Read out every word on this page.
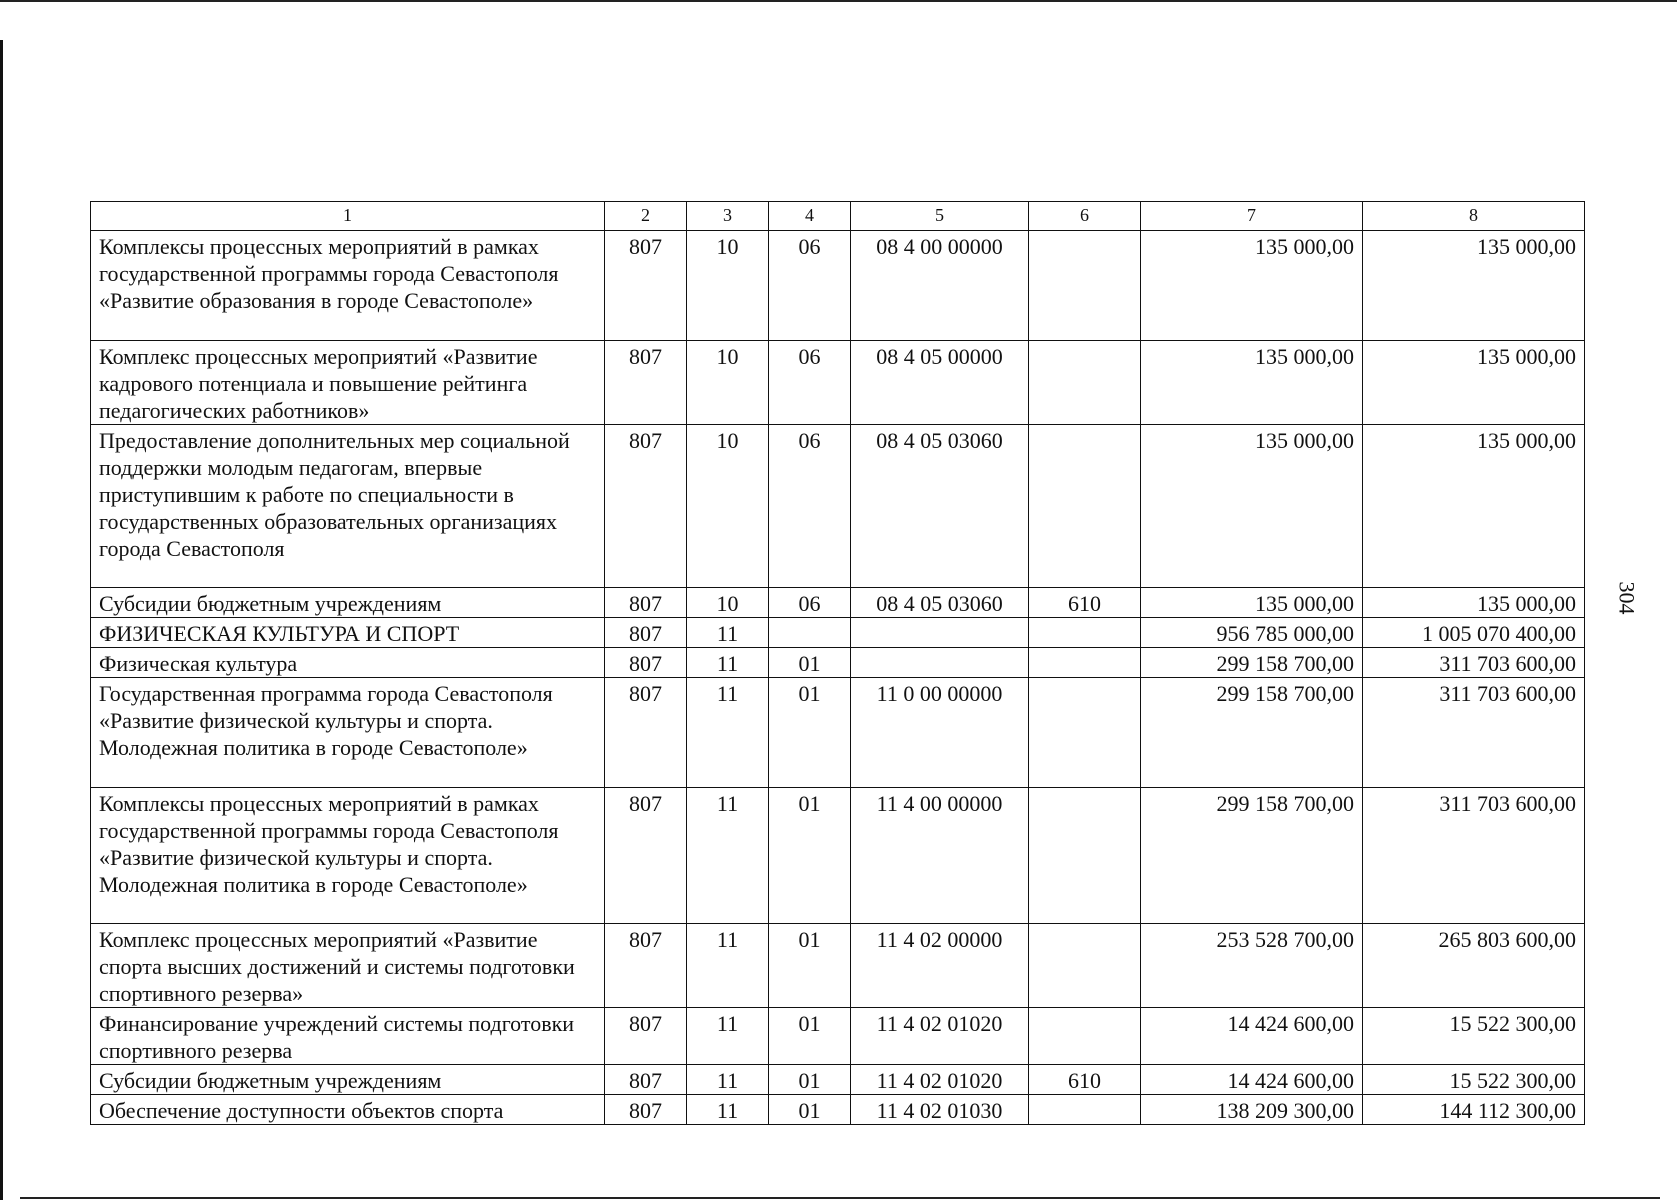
304
1	2	3	4	5	6	7	8
Комплексы процессных мероприятий в рамках государственной программы города Севастополя «Развитие образования в городе Севастополе»	807	10	06	08 4 00 00000		135 000,00	135 000,00
Комплекс процессных мероприятий «Развитие кадрового потенциала и повышение рейтинга педагогических работников»	807	10	06	08 4 05 00000		135 000,00	135 000,00
Предоставление дополнительных мер социальной поддержки молодым педагогам, впервые приступившим к работе по специальности в государственных образовательных организациях города Севастополя	807	10	06	08 4 05 03060		135 000,00	135 000,00
Субсидии бюджетным учреждениям	807	10	06	08 4 05 03060	610	135 000,00	135 000,00
ФИЗИЧЕСКАЯ КУЛЬТУРА И СПОРТ	807	11				956 785 000,00	1 005 070 400,00
Физическая культура	807	11	01			299 158 700,00	311 703 600,00
Государственная программа города Севастополя «Развитие физической культуры и спорта. Молодежная политика в городе Севастополе»	807	11	01	11 0 00 00000		299 158 700,00	311 703 600,00
Комплексы процессных мероприятий в рамках государственной программы города Севастополя «Развитие физической культуры и спорта. Молодежная политика в городе Севастополе»	807	11	01	11 4 00 00000		299 158 700,00	311 703 600,00
Комплекс процессных мероприятий «Развитие спорта высших достижений и системы подготовки спортивного резерва»	807	11	01	11 4 02 00000		253 528 700,00	265 803 600,00
Финансирование учреждений системы подготовки спортивного резерва	807	11	01	11 4 02 01020		14 424 600,00	15 522 300,00
Субсидии бюджетным учреждениям	807	11	01	11 4 02 01020	610	14 424 600,00	15 522 300,00
Обеспечение доступности объектов спорта	807	11	01	11 4 02 01030		138 209 300,00	144 112 300,00
